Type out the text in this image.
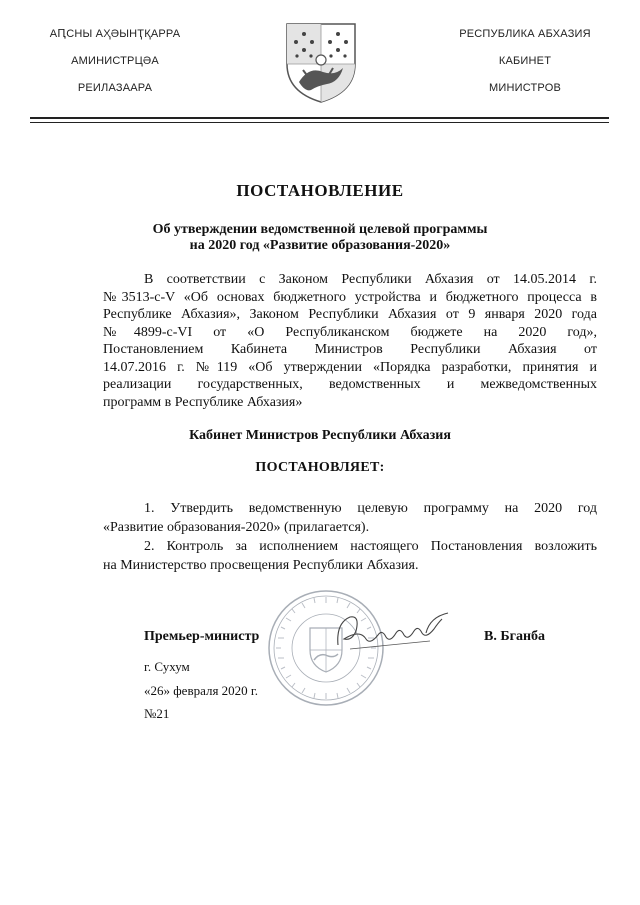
АԤСНЫ АҲӘЫНҬҚАРРА
АМИНИСТРЦӘА
РЕИЛАЗААРА
РЕСПУБЛИКА АБХАЗИЯ
КАБИНЕТ
МИНИСТРОВ
ПОСТАНОВЛЕНИЕ
Об утверждении ведомственной целевой программы
на 2020 год «Развитие образования-2020»
В соответствии с Законом Республики Абхазия от 14.05.2014 г.
№3513-с-V «Об основах бюджетного устройства и бюджетного процесса в
Республике Абхазия», Законом Республики Абхазия от 9 января 2020 года
№4899-с-VI от «О Республиканском бюджете на 2020 год»,
Постановлением Кабинета Министров Республики Абхазия от
14.07.2016 г. №119 «Об утверждении «Порядка разработки, принятия и
реализации государственных, ведомственных и межведомственных
программ в Республике Абхазия»
Кабинет Министров Республики Абхазия
ПОСТАНОВЛЯЕТ:
1. Утвердить ведомственную целевую программу на 2020 год
«Развитие образования-2020» (прилагается).
2. Контроль за исполнением настоящего Постановления возложить
на Министерство просвещения Республики Абхазия.
Премьер-министр	В. Бганба
г. Сухум
«26» февраля 2020 г.
№21
